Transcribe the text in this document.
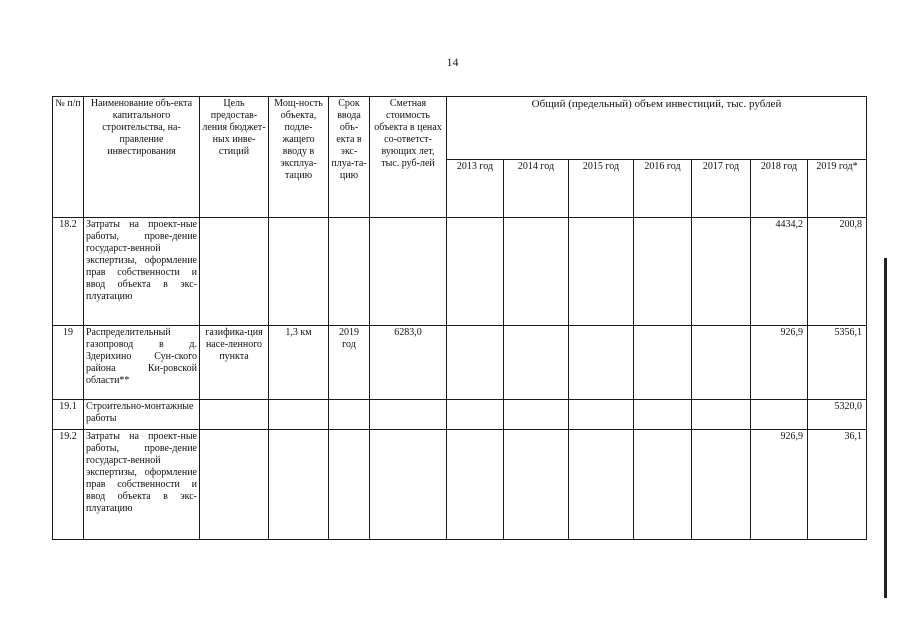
14
№ п/п	Наименование объ-екта капитального строительства, на-правление инвестирования	Цель предостав-ления бюджет-ных инве-стиций	Мощ-ность объекта, подле-жащего вводу в эксплуа-тацию	Срок ввода объ-екта в экс-плуа-та-цию	Сметная стоимость объекта в ценах со-ответст-вующих лет, тыс. руб-лей	Общий (предельный) объем инвестиций, тыс. рублей						
						2013 год	2014 год	2015 год	2016 год	2017 год	2018 год	2019 год*
18.2	Затраты на проект-ные работы, прове-дение государст-венной экспертизы, оформление прав собственности и ввод объекта в экс-плуатацию										4434,2	200,8
19	Распределительный газопровод в д. Здерихино Сун-ского района Ки-ровской области**	газифика-ция насе-ленного пункта	1,3 км	2019 год	6283,0						926,9	5356,1
19.1	Строительно-монтажные работы											5320,0
19.2	Затраты на проект-ные работы, прове-дение государст-венной экспертизы, оформление прав собственности и ввод объекта в экс-плуатацию										926,9	36,1
